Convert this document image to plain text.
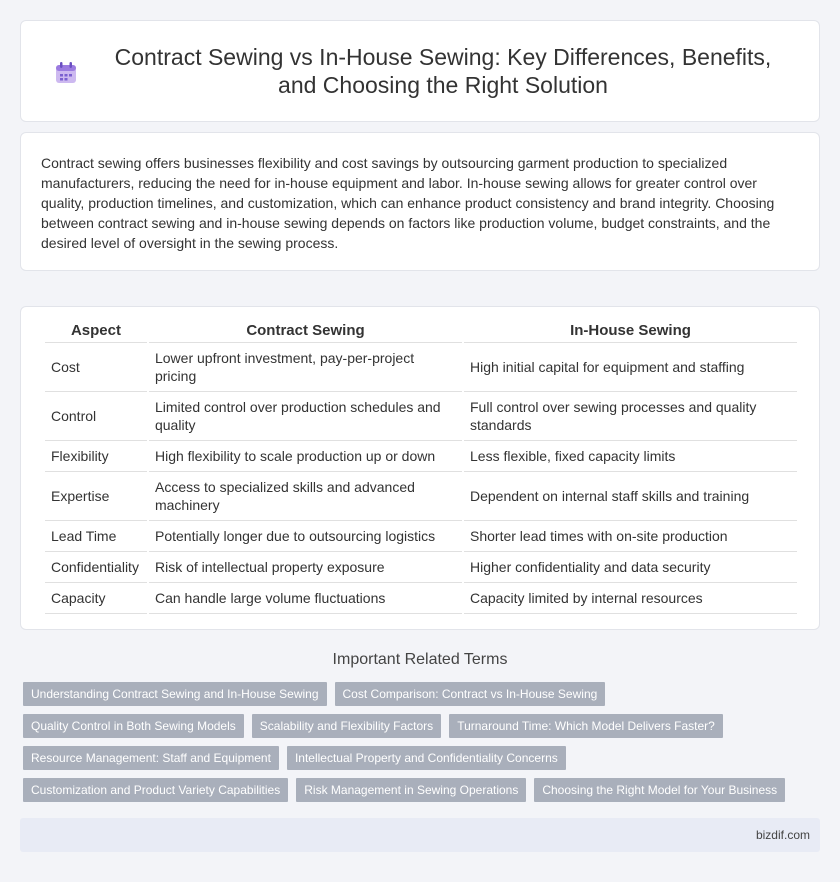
Contract Sewing vs In-House Sewing: Key Differences, Benefits, and Choosing the Right Solution

Contract sewing offers businesses flexibility and cost savings by outsourcing garment production to specialized manufacturers, reducing the need for in-house equipment and labor. In-house sewing allows for greater control over quality, production timelines, and customization, which can enhance product consistency and brand integrity. Choosing between contract sewing and in-house sewing depends on factors like production volume, budget constraints, and the desired level of oversight in the sewing process.

Aspect	Contract Sewing	In-House Sewing
Cost	Lower upfront investment, pay-per-project pricing	High initial capital for equipment and staffing
Control	Limited control over production schedules and quality	Full control over sewing processes and quality standards
Flexibility	High flexibility to scale production up or down	Less flexible, fixed capacity limits
Expertise	Access to specialized skills and advanced machinery	Dependent on internal staff skills and training
Lead Time	Potentially longer due to outsourcing logistics	Shorter lead times with on-site production
Confidentiality	Risk of intellectual property exposure	Higher confidentiality and data security
Capacity	Can handle large volume fluctuations	Capacity limited by internal resources
Important Related Terms
Understanding Contract Sewing and In-House Sewing	Cost Comparison: Contract vs In-House Sewing
Quality Control in Both Sewing Models	Scalability and Flexibility Factors	Turnaround Time: Which Model Delivers Faster?
Resource Management: Staff and Equipment	Intellectual Property and Confidentiality Concerns
Customization and Product Variety Capabilities	Risk Management in Sewing Operations	Choosing the Right Model for Your Business
bizdif.com
